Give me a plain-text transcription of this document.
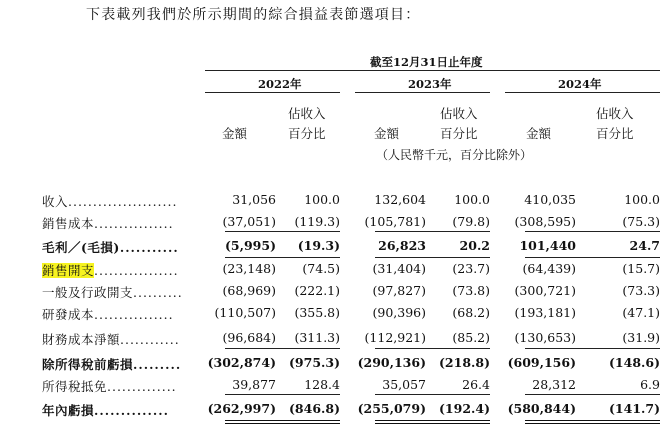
下表載列我們於所示期間的綜合損益表節選項目：
截至12月31日止年度
2022年	2023年	2024年
佔收入
金額	百分比
佔收入
金額	百分比
佔收入
金額	百分比
（人民幣千元，百分比除外）
收入......................	31,056	100.0	132,604	100.0	410,035	100.0
銷售成本................	(37,051)	(119.3)	(105,781)	(79.8)	(308,595)	(75.3)
毛利／(毛損)...........	(5,995)	(19.3)	26,823	20.2	101,440	24.7
銷售開支.................	(23,148)	(74.5)	(31,404)	(23.7)	(64,439)	(15.7)
一般及行政開支..........	(68,969)	(222.1)	(97,827)	(73.8)	(300,721)	(73.3)
研發成本................	(110,507)	(355.8)	(90,396)	(68.2)	(193,181)	(47.1)
財務成本淨額............	(96,684)	(311.3)	(112,921)	(85.2)	(130,653)	(31.9)
除所得稅前虧損.........	(302,874)	(975.3)	(290,136)	(218.8)	(609,156)	(148.6)
所得稅抵免..............	39,877	128.4	35,057	26.4	28,312	6.9
年內虧損..............	(262,997)	(846.8)	(255,079)	(192.4)	(580,844)	(141.7)
